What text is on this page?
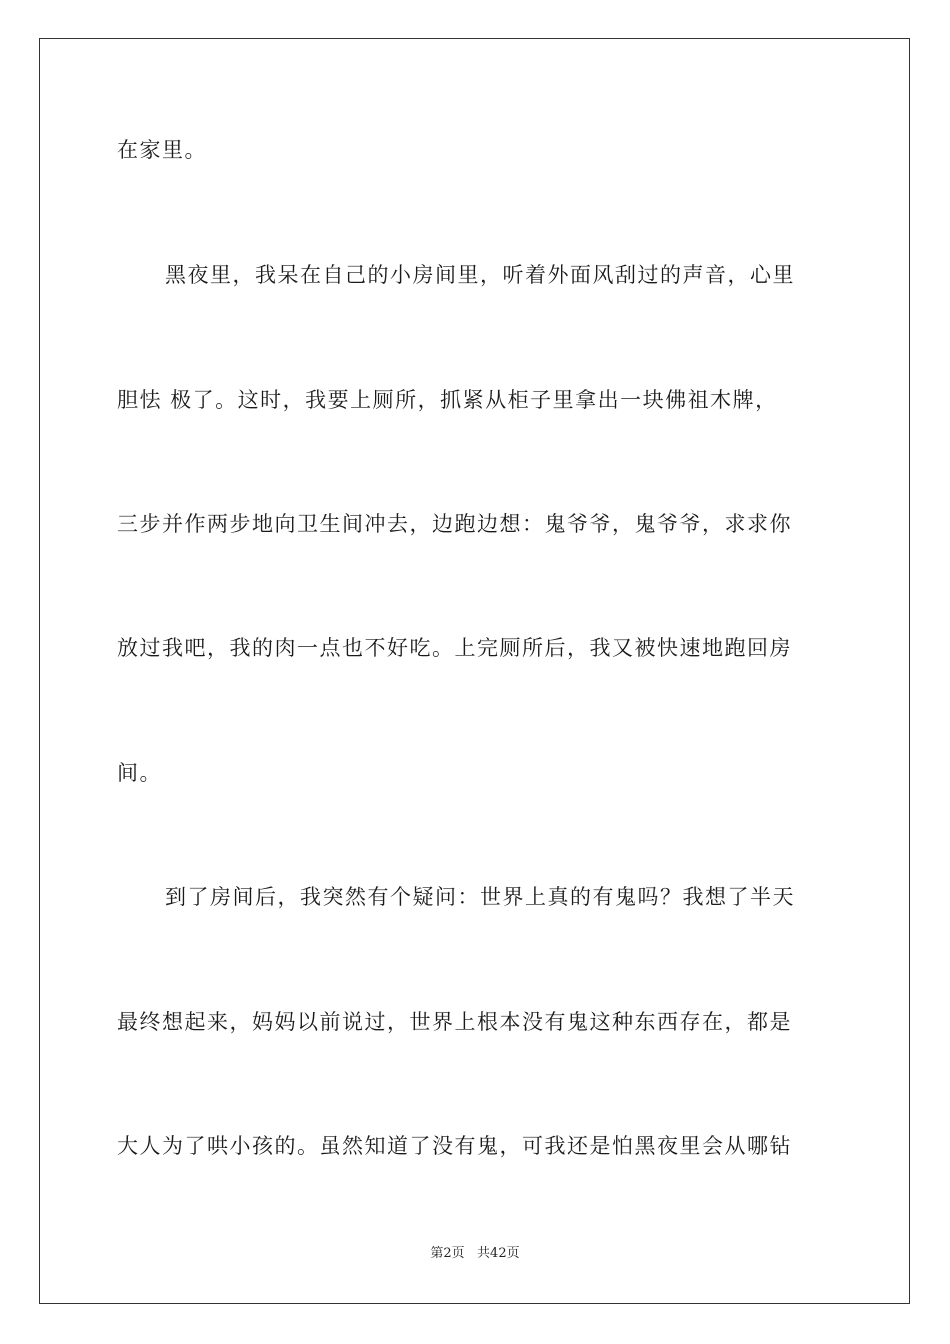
在家里。
黑夜里，我呆在自己的小房间里，听着外面风刮过的声音，心里
胆怯 极了。这时，我要上厕所，抓紧从柜子里拿出一块佛祖木牌，
三步并作两步地向卫生间冲去，边跑边想：鬼爷爷，鬼爷爷，求求你
放过我吧，我的肉一点也不好吃。上完厕所后，我又被快速地跑回房
间。
到了房间后，我突然有个疑问：世界上真的有鬼吗？我想了半天
最终想起来，妈妈以前说过，世界上根本没有鬼这种东西存在，都是
大人为了哄小孩的。虽然知道了没有鬼，可我还是怕黑夜里会从哪钻
第2页   共42页
